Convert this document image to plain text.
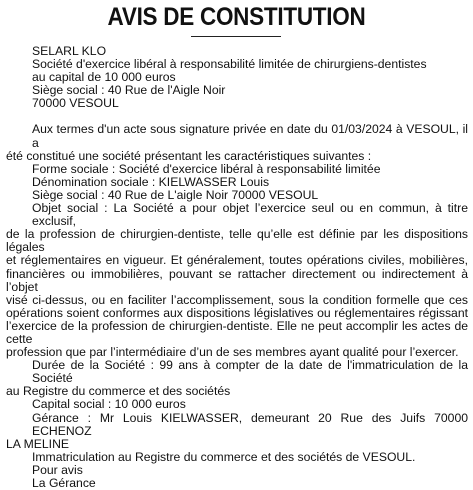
AVIS DE CONSTITUTION
SELARL KLO
Société d'exercice libéral à responsabilité limitée de chirurgiens-dentistes
au capital de 10 000 euros
Siège social : 40 Rue de l'Aigle Noir
70000 VESOUL
Aux termes d'un acte sous signature privée en date du 01/03/2024 à VESOUL, il a
été constitué une société présentant les caractéristiques suivantes :
Forme sociale : Société d'exercice libéral à responsabilité limitée
Dénomination sociale : KIELWASSER Louis
Siège social : 40 Rue de L'aigle Noir 70000 VESOUL
Objet social : La Société a pour objet l’exercice seul ou en commun, à titre exclusif,
de la profession de chirurgien-dentiste, telle qu’elle est définie par les dispositions légales
et réglementaires en vigueur. Et généralement, toutes opérations civiles, mobilières,
financières ou immobilières, pouvant se rattacher directement ou indirectement à l’objet
visé ci-dessus, ou en faciliter l’accomplissement, sous la condition formelle que ces
opérations soient conformes aux dispositions législatives ou réglementaires régissant
l’exercice de la profession de chirurgien-dentiste. Elle ne peut accomplir les actes de cette
profession que par l’intermédiaire d’un de ses membres ayant qualité pour l’exercer.
Durée de la Société : 99 ans à compter de la date de l'immatriculation de la Société
au Registre du commerce et des sociétés
Capital social : 10 000 euros
Gérance : Mr Louis KIELWASSER, demeurant 20 Rue des Juifs 70000 ECHENOZ
LA MELINE
Immatriculation au Registre du commerce et des sociétés de VESOUL.
Pour avis
La Gérance
